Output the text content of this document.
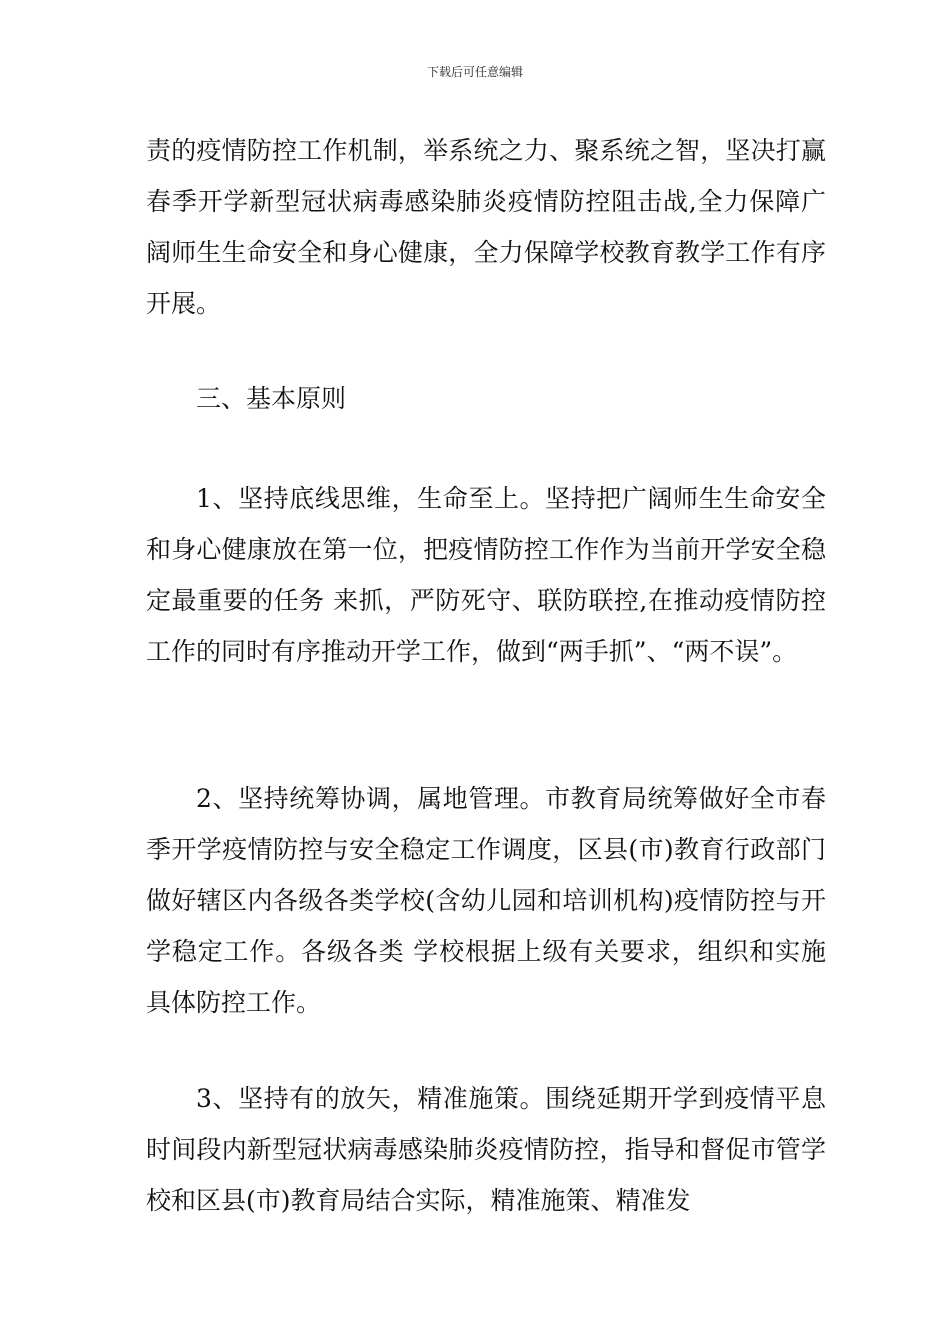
下载后可任意编辑

责的疫情防控工作机制，举系统之力、聚系统之智，坚决打赢春季开学新型冠状病毒感染肺炎疫情防控阻击战,全力保障广阔师生生命安全和身心健康，全力保障学校教育教学工作有序开展。

三、基本原则

1、坚持底线思维，生命至上。坚持把广阔师生生命安全和身心健康放在第一位，把疫情防控工作作为当前开学安全稳定最重要的任务 来抓，严防死守、联防联控,在推动疫情防控工作的同时有序推动开学工作，做到“两手抓”、“两不误”。

2、坚持统筹协调，属地管理。市教育局统筹做好全市春季开学疫情防控与安全稳定工作调度，区县(市)教育行政部门做好辖区内各级各类学校(含幼儿园和培训机构)疫情防控与开学稳定工作。各级各类 学校根据上级有关要求，组织和实施具体防控工作。

3、坚持有的放矢，精准施策。围绕延期开学到疫情平息时间段内新型冠状病毒感染肺炎疫情防控，指导和督促市管学校和区县(市)教育局结合实际，精准施策、精准发
